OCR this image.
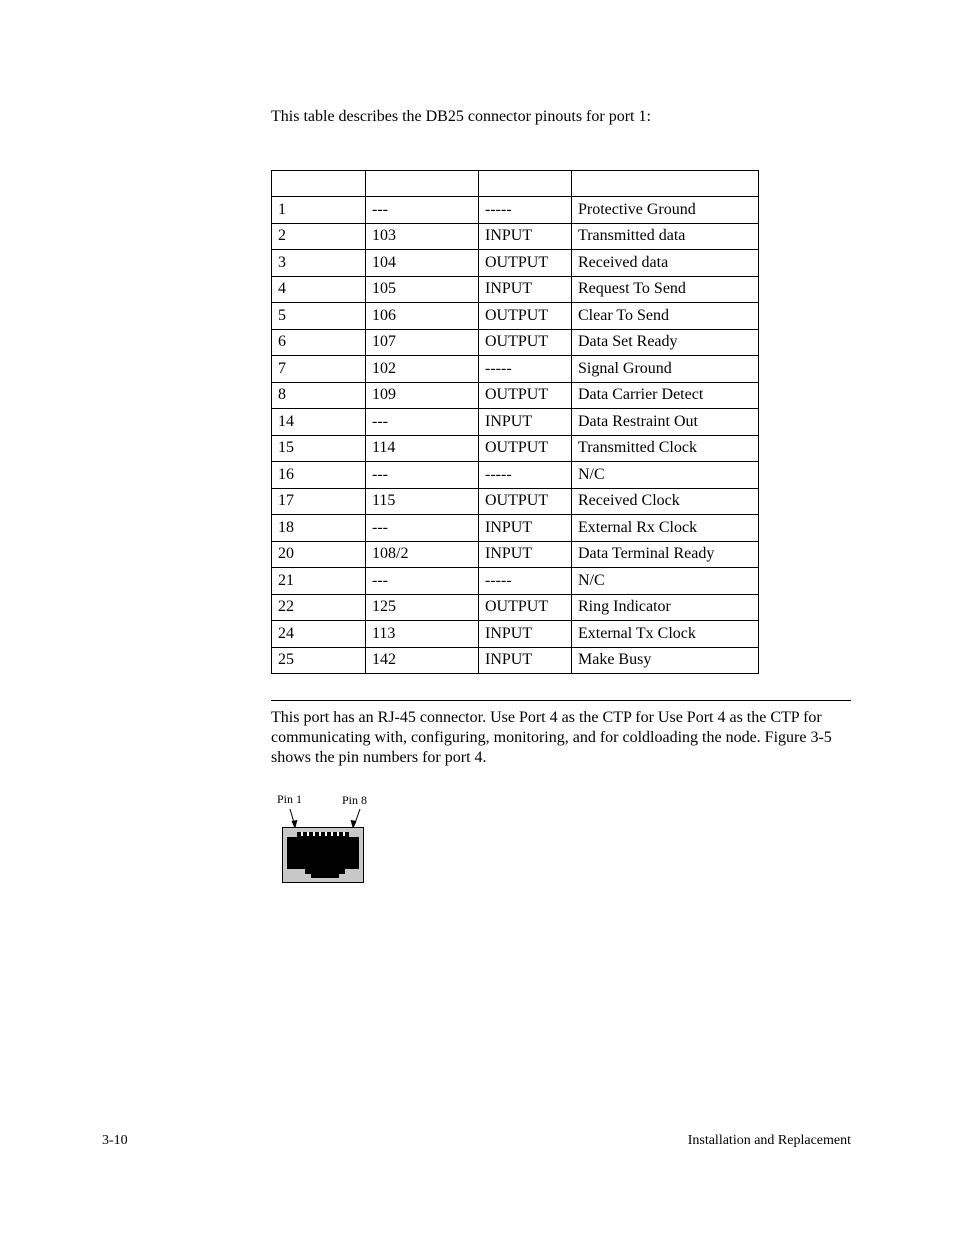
This table describes the DB25 connector pinouts for port 1:

1	---	-----	Protective Ground
2	103	INPUT	Transmitted data
3	104	OUTPUT	Received data
4	105	INPUT	Request To Send
5	106	OUTPUT	Clear To Send
6	107	OUTPUT	Data Set Ready
7	102	-----	Signal Ground
8	109	OUTPUT	Data Carrier Detect
14	---	INPUT	Data Restraint Out
15	114	OUTPUT	Transmitted Clock
16	---	-----	N/C
17	115	OUTPUT	Received Clock
18	---	INPUT	External Rx Clock
20	108/2	INPUT	Data Terminal Ready
21	---	-----	N/C
22	125	OUTPUT	Ring Indicator
24	113	INPUT	External Tx Clock
25	142	INPUT	Make Busy

This port has an RJ-45 connector. Use Port 4 as the CTP for Use Port 4 as the CTP for communicating with, configuring, monitoring, and for coldloading the node. Figure 3-5 shows the pin numbers for port 4.

Pin 1	Pin 8
3-10	Installation and Replacement
